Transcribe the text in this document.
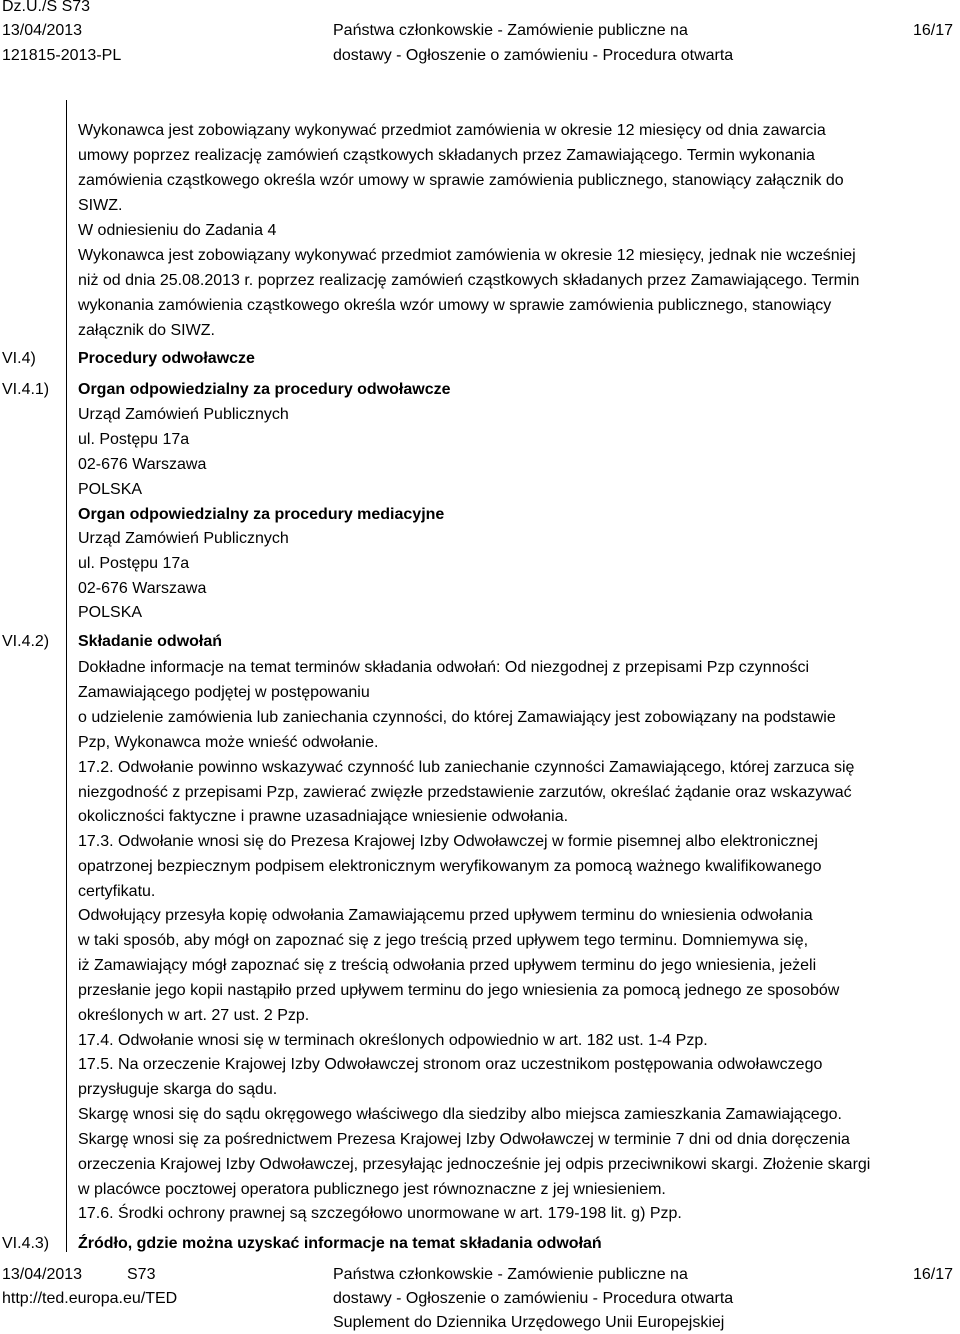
Dz.U./S S73
13/04/2013
121815-2013-PL
Państwa członkowskie - Zamówienie publiczne na
dostawy - Ogłoszenie o zamówieniu - Procedura otwarta
16/17
VI.4)
VI.4.1)
VI.4.2)
VI.4.3)
Wykonawca jest zobowiązany wykonywać przedmiot zamówienia w okresie 12 miesięcy od dnia zawarcia
umowy poprzez realizację zamówień cząstkowych składanych przez Zamawiającego. Termin wykonania
zamówienia cząstkowego określa wzór umowy w sprawie zamówienia publicznego, stanowiący załącznik do
SIWZ.
W odniesieniu do Zadania 4
Wykonawca jest zobowiązany wykonywać przedmiot zamówienia w okresie 12 miesięcy, jednak nie wcześniej
niż od dnia 25.08.2013 r. poprzez realizację zamówień cząstkowych składanych przez Zamawiającego. Termin
wykonania zamówienia cząstkowego określa wzór umowy w sprawie zamówienia publicznego, stanowiący
załącznik do SIWZ.
Procedury odwoławcze
Organ odpowiedzialny za procedury odwoławcze
Urząd Zamówień Publicznych
ul. Postępu 17a
02-676 Warszawa
POLSKA
Organ odpowiedzialny za procedury mediacyjne
Urząd Zamówień Publicznych
ul. Postępu 17a
02-676 Warszawa
POLSKA
Składanie odwołań
Dokładne informacje na temat terminów składania odwołań: Od niezgodnej z przepisami Pzp czynności
Zamawiającego podjętej w postępowaniu
o udzielenie zamówienia lub zaniechania czynności, do której Zamawiający jest zobowiązany na podstawie
Pzp, Wykonawca może wnieść odwołanie.
17.2. Odwołanie powinno wskazywać czynność lub zaniechanie czynności Zamawiającego, której zarzuca się
niezgodność z przepisami Pzp, zawierać zwięzłe przedstawienie zarzutów, określać żądanie oraz wskazywać
okoliczności faktyczne i prawne uzasadniające wniesienie odwołania.
17.3. Odwołanie wnosi się do Prezesa Krajowej Izby Odwoławczej w formie pisemnej albo elektronicznej
opatrzonej bezpiecznym podpisem elektronicznym weryfikowanym za pomocą ważnego kwalifikowanego
certyfikatu.
Odwołujący przesyła kopię odwołania Zamawiającemu przed upływem terminu do wniesienia odwołania
w taki sposób, aby mógł on zapoznać się z jego treścią przed upływem tego terminu. Domniemywa się,
iż Zamawiający mógł zapoznać się z treścią odwołania przed upływem terminu do jego wniesienia, jeżeli
przesłanie jego kopii nastąpiło przed upływem terminu do jego wniesienia za pomocą jednego ze sposobów
określonych w art. 27 ust. 2 Pzp.
17.4. Odwołanie wnosi się w terminach określonych odpowiednio w art. 182 ust. 1-4 Pzp.
17.5. Na orzeczenie Krajowej Izby Odwoławczej stronom oraz uczestnikom postępowania odwoławczego
przysługuje skarga do sądu.
Skargę wnosi się do sądu okręgowego właściwego dla siedziby albo miejsca zamieszkania Zamawiającego.
Skargę wnosi się za pośrednictwem Prezesa Krajowej Izby Odwoławczej w terminie 7 dni od dnia doręczenia
orzeczenia Krajowej Izby Odwoławczej, przesyłając jednocześnie jej odpis przeciwnikowi skargi. Złożenie skargi
w placówce pocztowej operatora publicznego jest równoznaczne z jej wniesieniem.
17.6. Środki ochrony prawnej są szczegółowo unormowane w art. 179-198 lit. g) Pzp.
Źródło, gdzie można uzyskać informacje na temat składania odwołań
13/04/2013	S73
http://ted.europa.eu/TED
Państwa członkowskie - Zamówienie publiczne na
dostawy - Ogłoszenie o zamówieniu - Procedura otwarta
Suplement do Dziennika Urzędowego Unii Europejskiej
16/17
